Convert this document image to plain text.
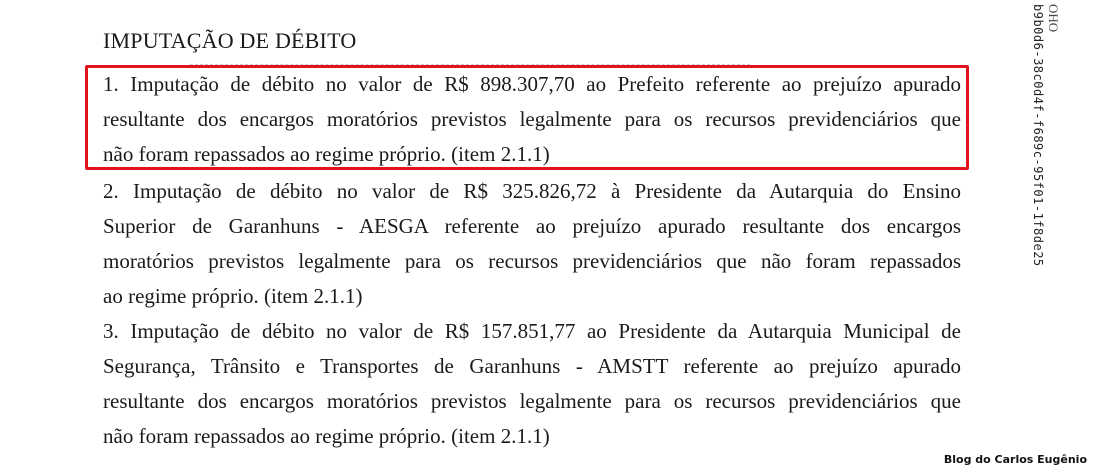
IMPUTAÇÃO DE DÉBITO

1. Imputação de débito no valor de R$ 898.307,70 ao Prefeito referente ao prejuízo apurado
resultante dos encargos moratórios previstos legalmente para os recursos previdenciários que
não foram repassados ao regime próprio. (item 2.1.1)

2. Imputação de débito no valor de R$ 325.826,72 à Presidente da Autarquia do Ensino
Superior de Garanhuns - AESGA referente ao prejuízo apurado resultante dos encargos
moratórios previstos legalmente para os recursos previdenciários que não foram repassados
ao regime próprio. (item 2.1.1)

3. Imputação de débito no valor de R$ 157.851,77 ao Presidente da Autarquia Municipal de
Segurança, Trânsito e Transportes de Garanhuns - AMSTT referente ao prejuízo apurado
resultante dos encargos moratórios previstos legalmente para os recursos previdenciários que
não foram repassados ao regime próprio. (item 2.1.1)

b9b0d6-38c0d4f-f689c-95f01-1f8de25 OHO
Blog do Carlos Eugênio
